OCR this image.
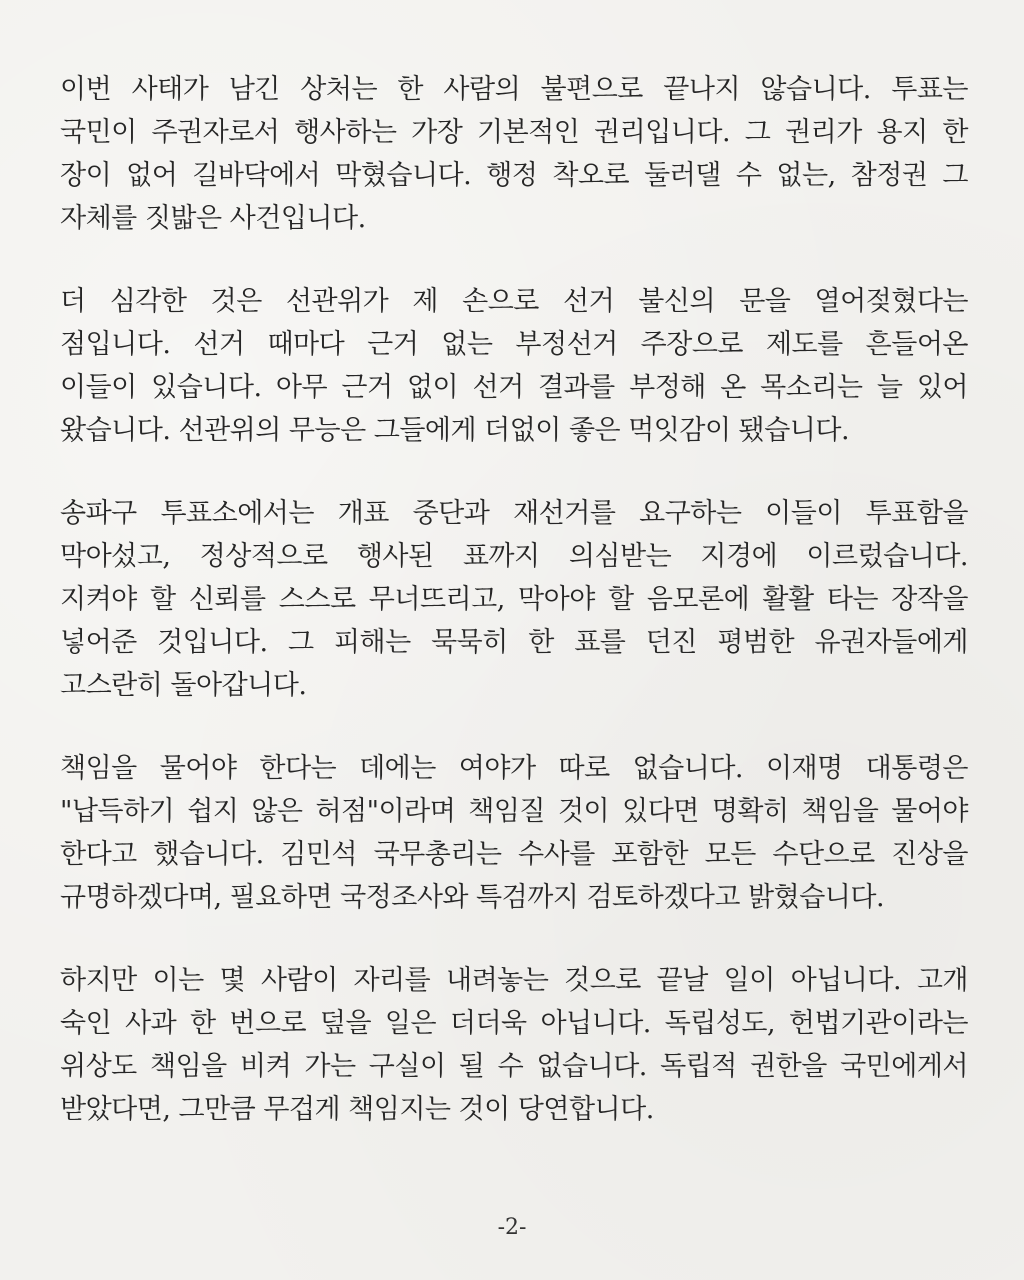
이번 사태가 남긴 상처는 한 사람의 불편으로 끝나지 않습니다. 투표는
국민이 주권자로서 행사하는 가장 기본적인 권리입니다. 그 권리가 용지 한
장이 없어 길바닥에서 막혔습니다. 행정 착오로 둘러댈 수 없는, 참정권 그
자체를 짓밟은 사건입니다.
더 심각한 것은 선관위가 제 손으로 선거 불신의 문을 열어젖혔다는
점입니다. 선거 때마다 근거 없는 부정선거 주장으로 제도를 흔들어온
이들이 있습니다. 아무 근거 없이 선거 결과를 부정해 온 목소리는 늘 있어
왔습니다. 선관위의 무능은 그들에게 더없이 좋은 먹잇감이 됐습니다.
송파구 투표소에서는 개표 중단과 재선거를 요구하는 이들이 투표함을
막아섰고, 정상적으로 행사된 표까지 의심받는 지경에 이르렀습니다.
지켜야 할 신뢰를 스스로 무너뜨리고, 막아야 할 음모론에 활활 타는 장작을
넣어준 것입니다. 그 피해는 묵묵히 한 표를 던진 평범한 유권자들에게
고스란히 돌아갑니다.
책임을 물어야 한다는 데에는 여야가 따로 없습니다. 이재명 대통령은
"납득하기 쉽지 않은 허점"이라며 책임질 것이 있다면 명확히 책임을 물어야
한다고 했습니다. 김민석 국무총리는 수사를 포함한 모든 수단으로 진상을
규명하겠다며, 필요하면 국정조사와 특검까지 검토하겠다고 밝혔습니다.
하지만 이는 몇 사람이 자리를 내려놓는 것으로 끝날 일이 아닙니다. 고개
숙인 사과 한 번으로 덮을 일은 더더욱 아닙니다. 독립성도, 헌법기관이라는
위상도 책임을 비켜 가는 구실이 될 수 없습니다. 독립적 권한을 국민에게서
받았다면, 그만큼 무겁게 책임지는 것이 당연합니다.
-2-
